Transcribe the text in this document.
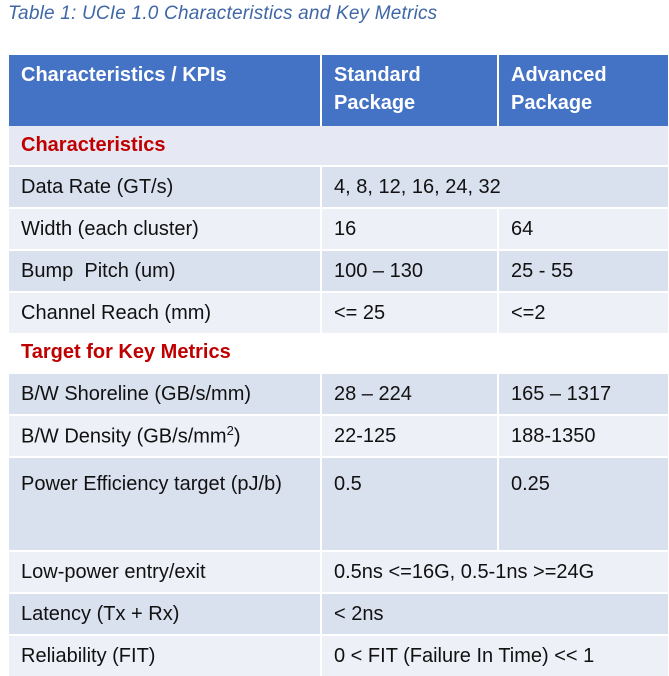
Table 1: UCIe 1.0 Characteristics and Key Metrics
Characteristics / KPIs	Standard Package	Advanced Package
Characteristics		
Data Rate (GT/s)	4, 8, 12, 16, 24, 32	
Width (each cluster)	16	64
Bump  Pitch (um)	100 – 130	25 - 55
Channel Reach (mm)	<= 25	<=2
Target for Key Metrics		
B/W Shoreline (GB/s/mm)	28 – 224	165 – 1317
B/W Density $(GB/s/mm^2)$	22-125	188-1350
Power Efficiency target (pJ/b)	0.5	0.25
Low-power entry/exit	0.5ns <=16G, 0.5-1ns >=24G	
Latency (Tx + Rx)	< 2ns	
Reliability (FIT)	0 < FIT (Failure In Time) << 1	
